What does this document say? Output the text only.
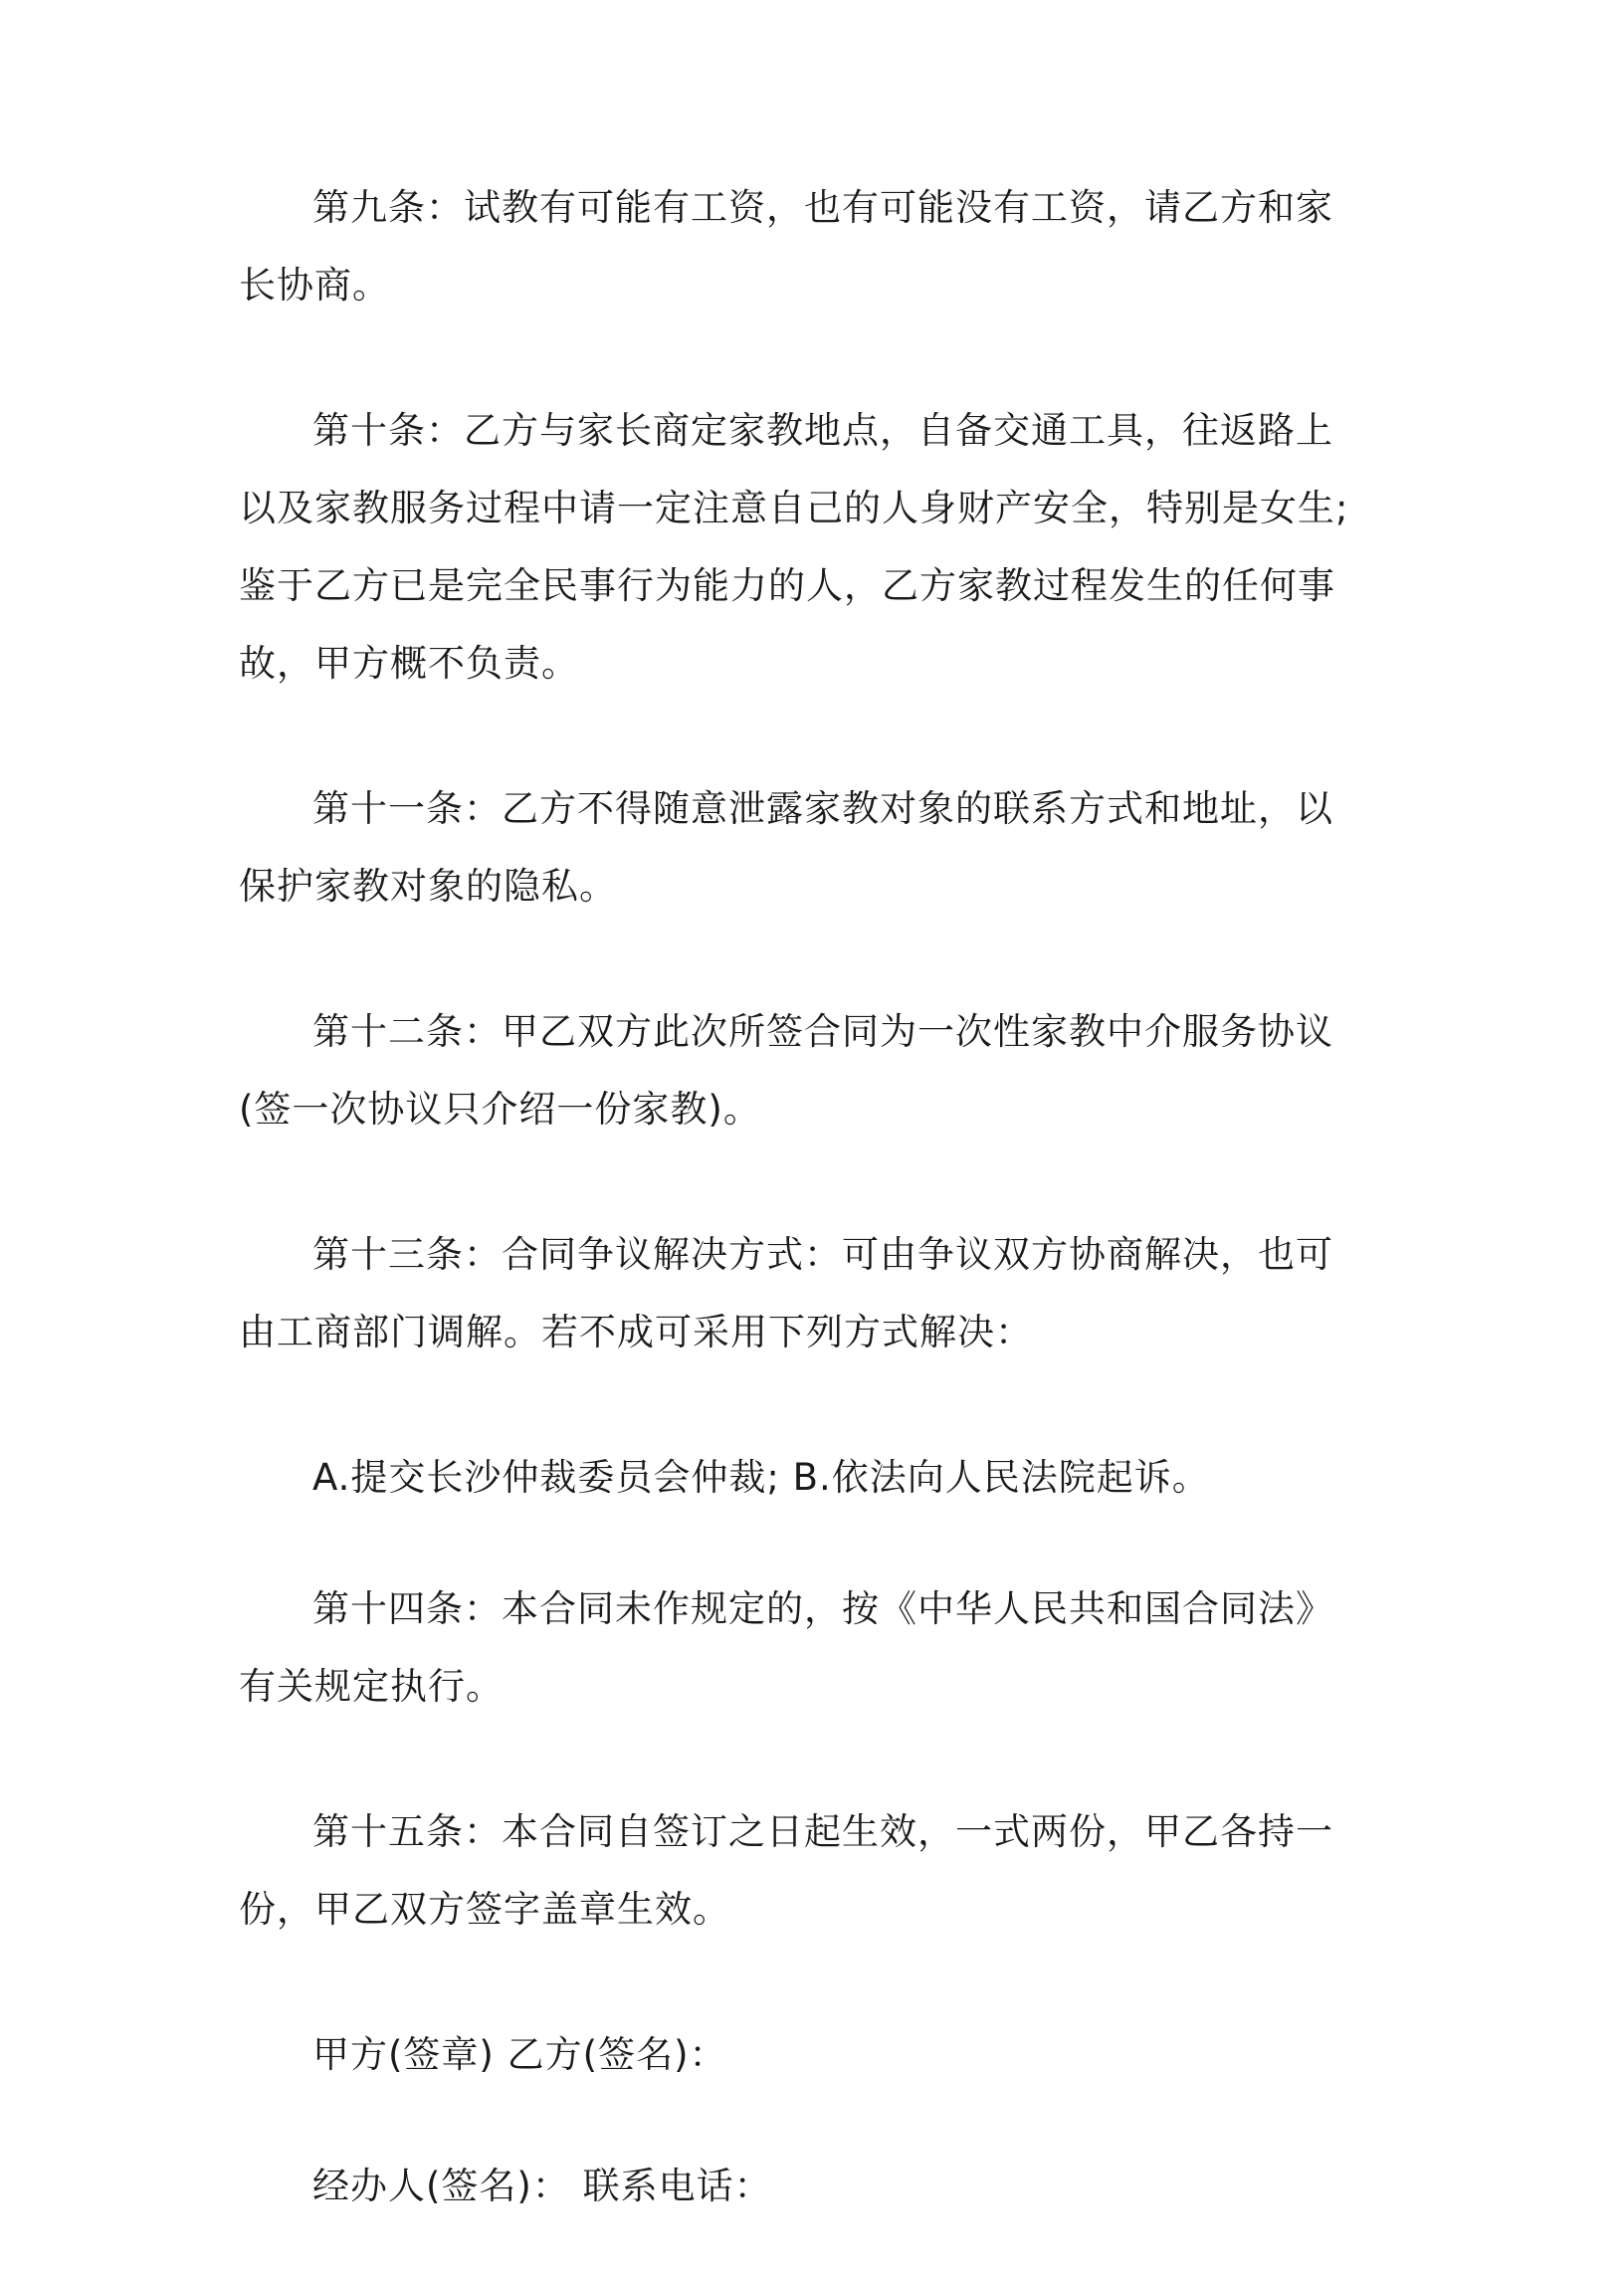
第九条：试教有可能有工资，也有可能没有工资，请乙方和家长协商。

第十条：乙方与家长商定家教地点，自备交通工具，往返路上以及家教服务过程中请一定注意自己的人身财产安全，特别是女生;鉴于乙方已是完全民事行为能力的人，乙方家教过程发生的任何事故，甲方概不负责。

第十一条：乙方不得随意泄露家教对象的联系方式和地址，以保护家教对象的隐私。

第十二条：甲乙双方此次所签合同为一次性家教中介服务协议(签一次协议只介绍一份家教)。

第十三条：合同争议解决方式：可由争议双方协商解决，也可由工商部门调解。若不成可采用下列方式解决：

A.提交长沙仲裁委员会仲裁; B.依法向人民法院起诉。

第十四条：本合同未作规定的，按《中华人民共和国合同法》有关规定执行。

第十五条：本合同自签订之日起生效，一式两份，甲乙各持一份，甲乙双方签字盖章生效。

甲方(签章) 乙方(签名)：

经办人(签名)： 联系电话：
